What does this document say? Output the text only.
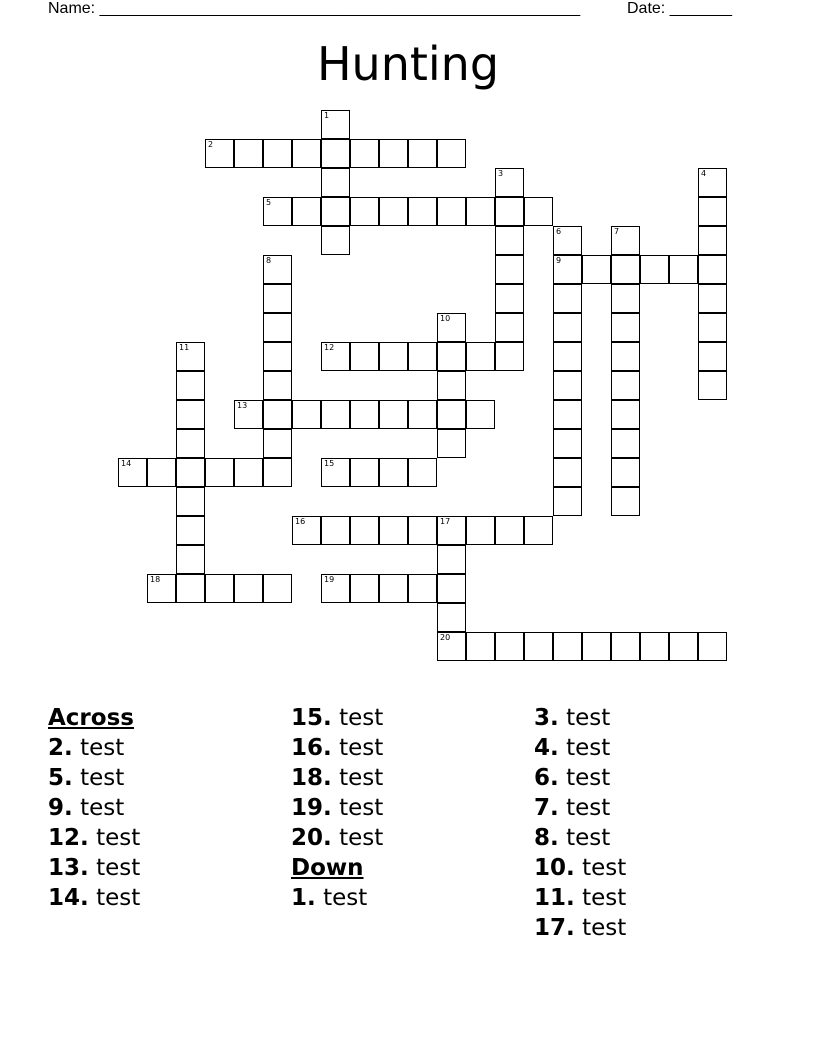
Name: ______________________________________________________	Date: _______
Hunting
1
2
3	4
5
6	7
8	9
10
11	12
13
14	15
16	17
18	19
20
Across
2. test
5. test
9. test
12. test
13. test
14. test
15. test
16. test
18. test
19. test
20. test
Down
1. test
3. test
4. test
6. test
7. test
8. test
10. test
11. test
17. test
